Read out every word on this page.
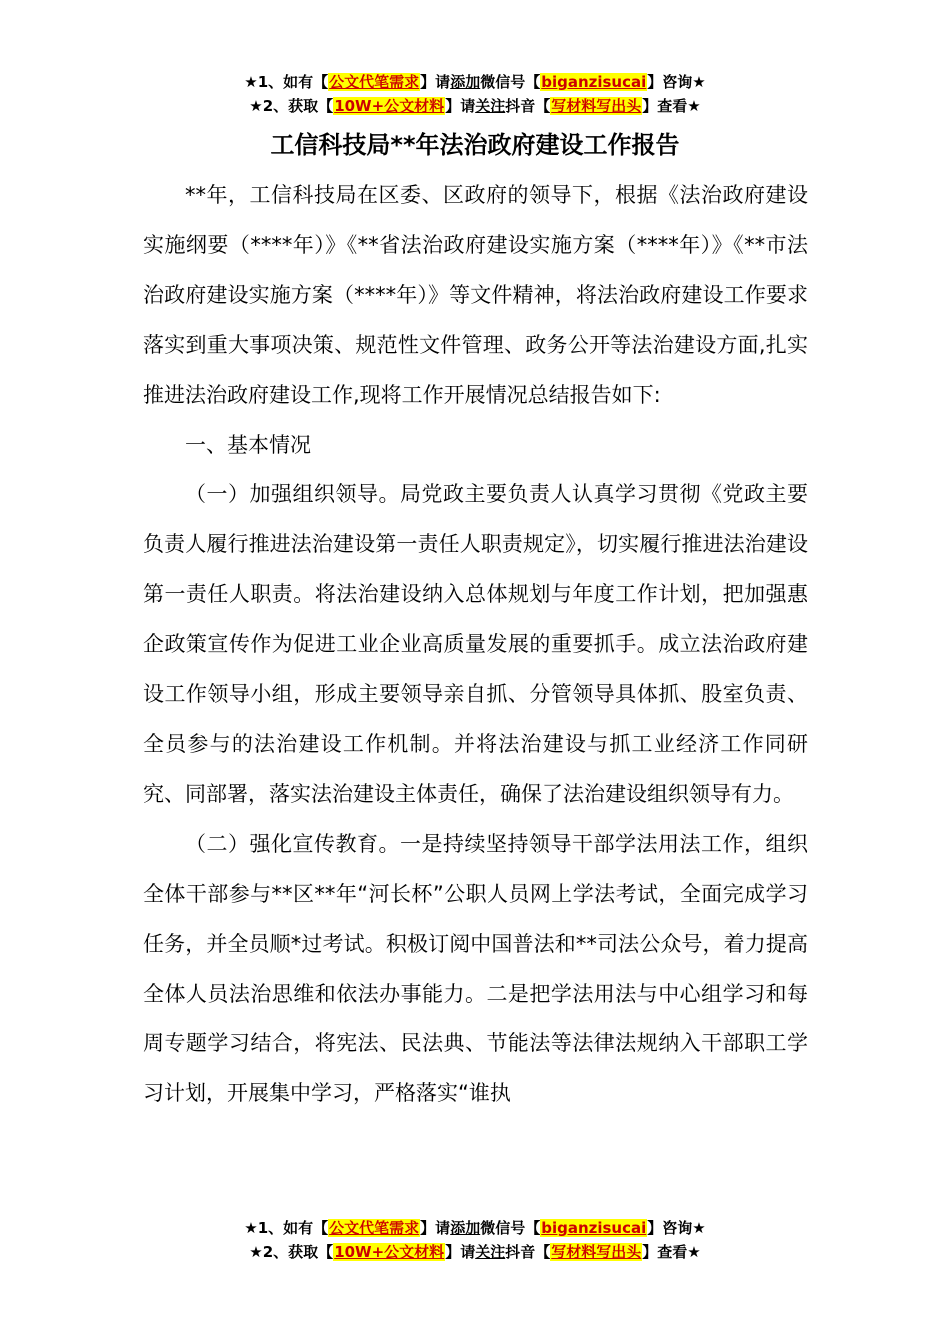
★1、如有【公文代笔需求】请添加微信号【biganzisucai】咨询★
★2、获取【10W+公文材料】请关注抖音【写材料写出头】查看★
工信科技局**年法治政府建设工作报告

**年，工信科技局在区委、区政府的领导下，根据《法治政府建设实施纲要（****年）》《**省法治政府建设实施方案（****年）》《**市法治政府建设实施方案（****年）》等文件精神，将法治政府建设工作要求落实到重大事项决策、规范性文件管理、政务公开等法治建设方面,扎实推进法治政府建设工作,现将工作开展情况总结报告如下:

一、基本情况

（一）加强组织领导。局党政主要负责人认真学习贯彻《党政主要负责人履行推进法治建设第一责任人职责规定》，切实履行推进法治建设第一责任人职责。将法治建设纳入总体规划与年度工作计划，把加强惠企政策宣传作为促进工业企业高质量发展的重要抓手。成立法治政府建设工作领导小组，形成主要领导亲自抓、分管领导具体抓、股室负责、全员参与的法治建设工作机制。并将法治建设与抓工业经济工作同研究、同部署，落实法治建设主体责任，确保了法治建设组织领导有力。

（二）强化宣传教育。一是持续坚持领导干部学法用法工作，组织全体干部参与**区**年“河长杯”公职人员网上学法考试，全面完成学习任务，并全员顺*过考试。积极订阅中国普法和**司法公众号，着力提高全体人员法治思维和依法办事能力。二是把学法用法与中心组学习和每周专题学习结合，将宪法、民法典、节能法等法律法规纳入干部职工学习计划，开展集中学习，严格落实“谁执

★1、如有【公文代笔需求】请添加微信号【biganzisucai】咨询★
★2、获取【10W+公文材料】请关注抖音【写材料写出头】查看★
